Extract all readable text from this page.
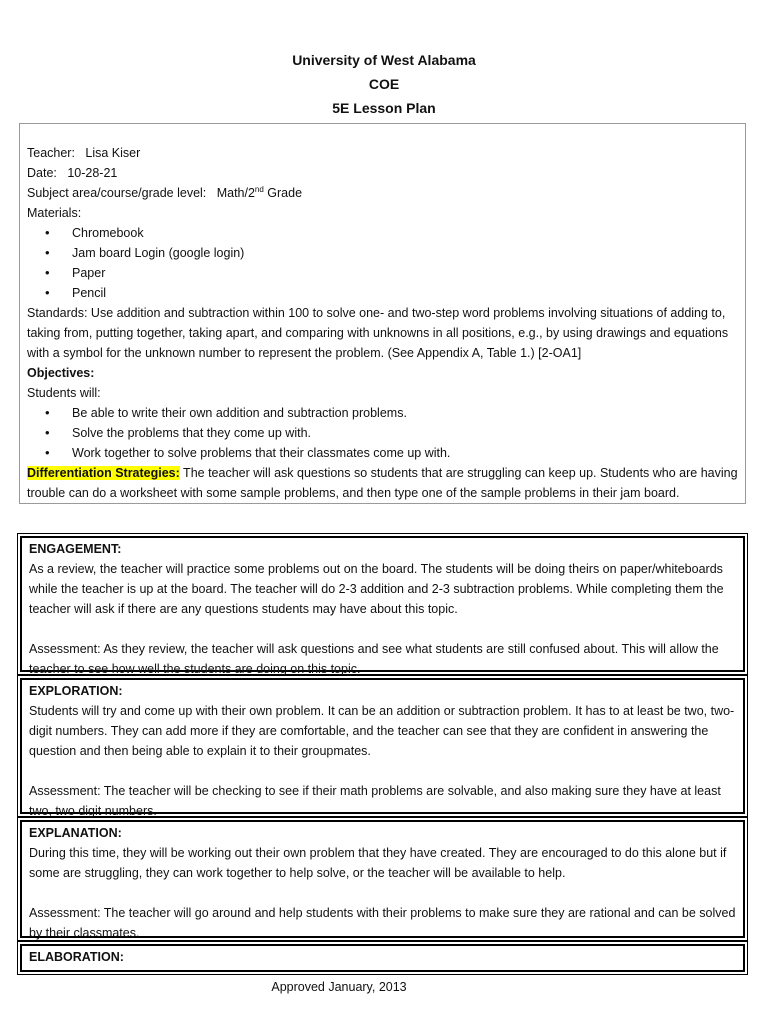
University of West Alabama
COE
5E Lesson Plan

Teacher: Lisa Kiser

Date: 10-28-21

Subject area/course/grade level: Math/2nd Grade

Materials:

• Chromebook
• Jam board Login (google login)
• Paper
• Pencil

Standards: Use addition and subtraction within 100 to solve one- and two-step word problems involving situations of adding to, taking from, putting together, taking apart, and comparing with unknowns in all positions, e.g., by using drawings and equations with a symbol for the unknown number to represent the problem. (See Appendix A, Table 1.) [2-OA1]

Objectives:

Students will:

• Be able to write their own addition and subtraction problems.
• Solve the problems that they come up with.
• Work together to solve problems that their classmates come up with.

Differentiation Strategies: The teacher will ask questions so students that are struggling can keep up. Students who are having trouble can do a worksheet with some sample problems, and then type one of the sample problems in their jam board.

ENGAGEMENT:

As a review, the teacher will practice some problems out on the board. The students will be doing theirs on paper/whiteboards while the teacher is up at the board. The teacher will do 2-3 addition and 2-3 subtraction problems. While completing them the teacher will ask if there are any questions students may have about this topic.

Assessment: As they review, the teacher will ask questions and see what students are still confused about. This will allow the teacher to see how well the students are doing on this topic.

EXPLORATION:

Students will try and come up with their own problem. It can be an addition or subtraction problem. It has to at least be two, two-digit numbers. They can add more if they are comfortable, and the teacher can see that they are confident in answering the question and then being able to explain it to their groupmates.

Assessment: The teacher will be checking to see if their math problems are solvable, and also making sure they have at least two, two digit numbers.

EXPLANATION:

During this time, they will be working out their own problem that they have created. They are encouraged to do this alone but if some are struggling, they can work together to help solve, or the teacher will be available to help.

Assessment: The teacher will go around and help students with their problems to make sure they are rational and can be solved by their classmates.

ELABORATION:

Approved January, 2013
